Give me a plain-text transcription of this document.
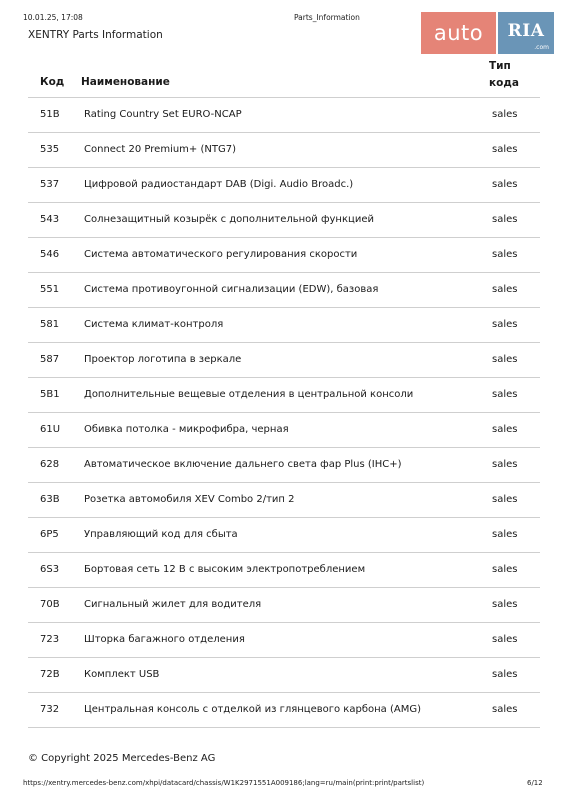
10.01.25, 17:08	Parts_Information
XENTRY Parts Information	auto	RIA
.com
Код Наименование
Тип
кода
51B Rating Country Set EURO-NCAP	sales
535 Connect 20 Premium+ (NTG7)	sales
537 Цифровой радиостандарт DAB (Digi. Audio Broadc.)	sales
543 Солнезащитный козырёк с дополнительной функцией	sales
546 Система автоматического регулирования скорости	sales
551 Система противоугонной сигнализации (EDW), базовая	sales
581 Система климат-контроля	sales
587 Проектор логотипа в зеркале	sales
5B1 Дополнительные вещевые отделения в центральной консоли	sales
61U Обивка потолка - микрофибра, черная	sales
628 Автоматическое включение дальнего света фар Plus (IHC+)	sales
63B Розетка автомобиля XEV Combo 2/тип 2	sales
6P5	Управляющий код для сбыта	sales
6S3 Бортовая сеть 12 В с высоким электропотреблением	sales
70B Сигнальный жилет для водителя	sales
723 Шторка багажного отделения	sales
72B Комплект USB	sales
732 Центральная консоль с отделкой из глянцевого карбона (AMG)	sales
© Copyright 2025 Mercedes-Benz AG
https://xentry.mercedes-benz.com/xhpi/datacard/chassis/W1K2971551A009186;lang=ru/main(print:print/partslist)	6/12
